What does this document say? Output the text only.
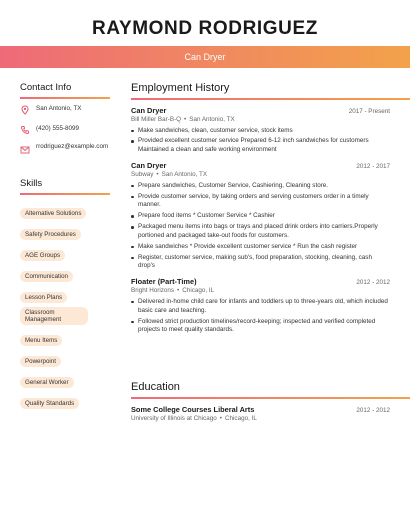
RAYMOND RODRIGUEZ
Can Dryer
Contact Info
San Antonio, TX
(420) 555-8099
rrodriguez@example.com
Skills
Alternative Solutions
Safety Procedures
AGE Groups
Communication
Lesson Plans
Classroom Management
Menu Items
Powerpoint
General Worker
Quality Standards
Employment History
Can Dryer	2017 - Present
Bill Miller Bar-B-Q • San Antonio, TX
Make sandwiches, clean, customer service, stock items
Provided excellent customer service Prepared 6-12 inch sandwiches for customers Maintained a clean and safe working environment
Can Dryer	2012 - 2017
Subway • San Antonio, TX
Prepare sandwiches, Customer Service, Cashiering, Cleaning store.
Provide customer service, by taking orders and serving customers order in a timely manner.
Prepare food items * Customer Service * Cashier
Packaged menu items into bags or trays and placed drink orders into carriers.Properly portioned and packaged take-out foods for customers.
Make sandwiches * Provide excellent customer service * Run the cash register
Register, customer service, making sub's, food preparation, stocking, cleaning, cash drop's
Floater (Part-Time)	2012 - 2012
Bright Horizons • Chicago, IL
Delivered in-home child care for infants and toddlers up to three-years old, which included basic care and teaching.
Followed strict production timelines/record-keeping; inspected and verified completed projects to meet quality standards.
Education
Some College Courses Liberal Arts	2012 - 2012
University of Illinois at Chicago • Chicago, IL
